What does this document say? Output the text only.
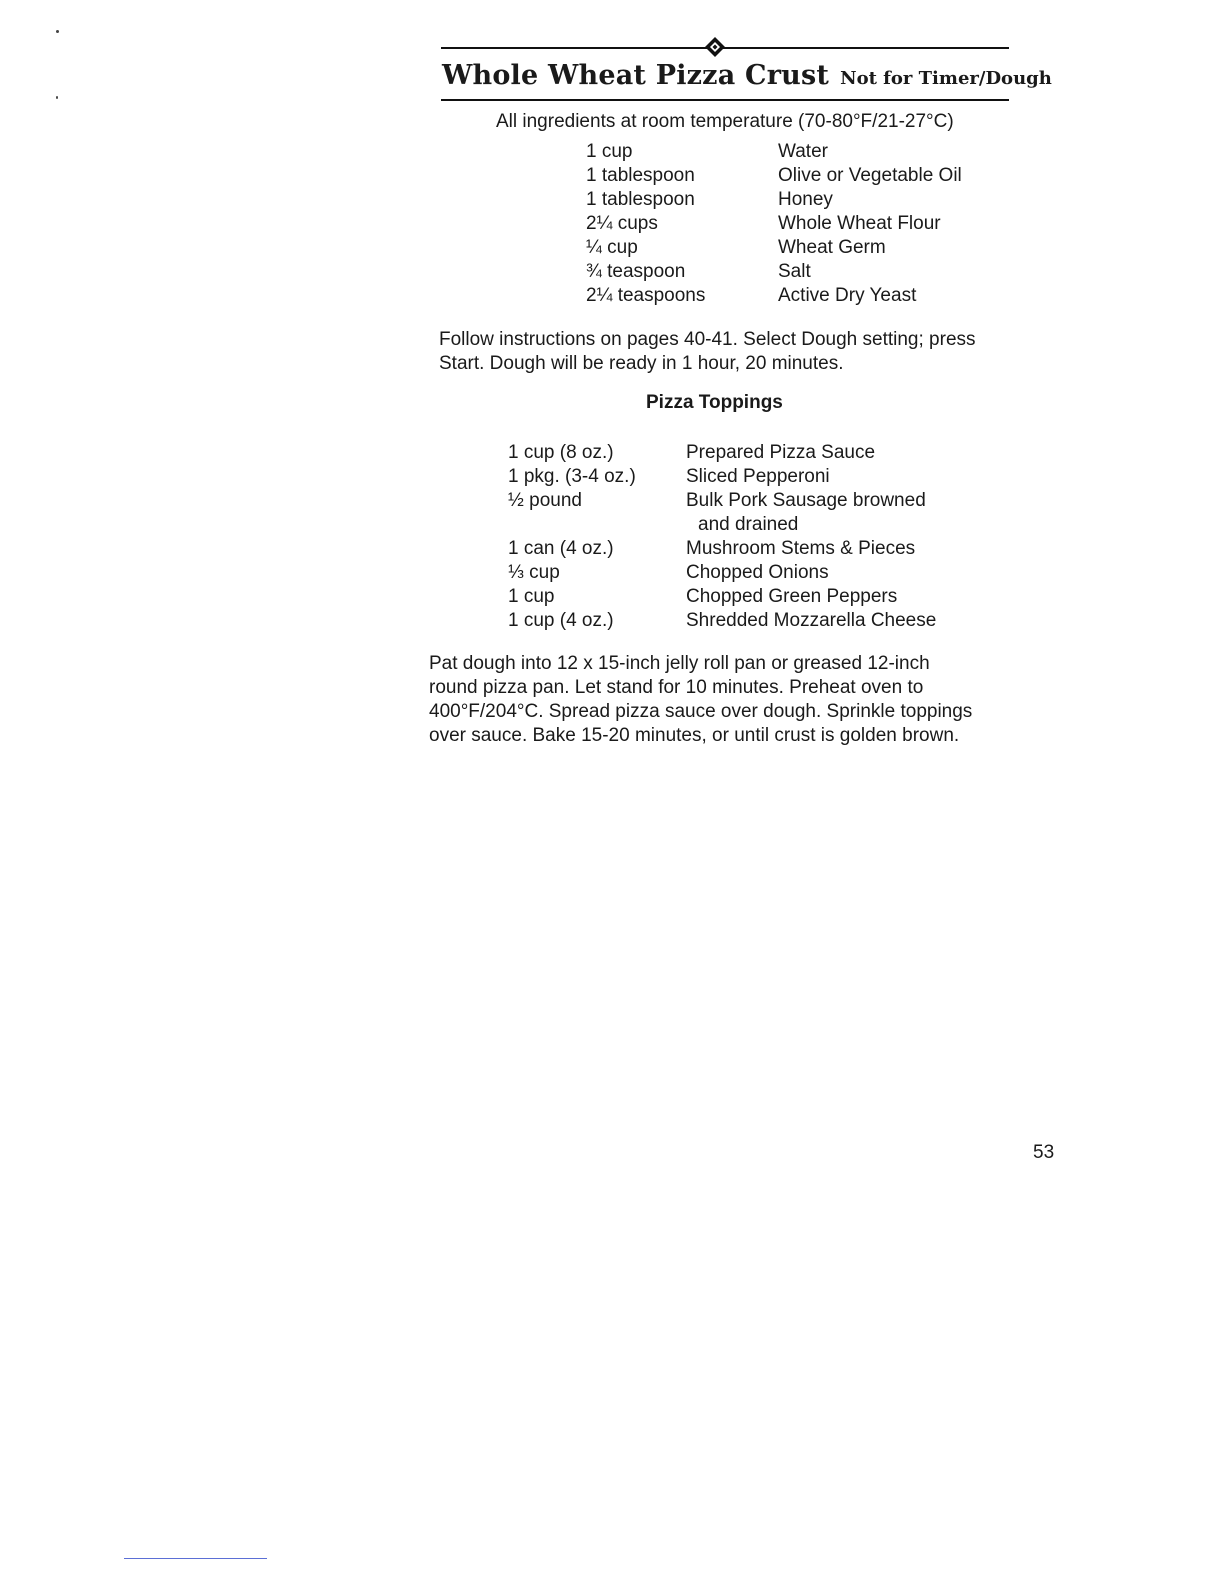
Whole Wheat Pizza Crust Not for Timer/Dough
All ingredients at room temperature (70-80°F/21-27°C)
1 cup	Water
1 tablespoon	Olive or Vegetable Oil
1 tablespoon	Honey
2¼ cups	Whole Wheat Flour
¼ cup	Wheat Germ
¾ teaspoon	Salt
2¼ teaspoons	Active Dry Yeast
Follow instructions on pages 40-41. Select Dough setting; press
Start. Dough will be ready in 1 hour, 20 minutes.
Pizza Toppings
1 cup (8 oz.)	Prepared Pizza Sauce
1 pkg. (3-4 oz.)	Sliced Pepperoni
½ pound	Bulk Pork Sausage browned
	and drained
1 can (4 oz.)	Mushroom Stems & Pieces
⅓ cup	Chopped Onions
1 cup	Chopped Green Peppers
1 cup (4 oz.)	Shredded Mozzarella Cheese
Pat dough into 12 x 15-inch jelly roll pan or greased 12-inch
round pizza pan. Let stand for 10 minutes. Preheat oven to
400°F/204°C. Spread pizza sauce over dough. Sprinkle toppings
over sauce. Bake 15-20 minutes, or until crust is golden brown.
53
